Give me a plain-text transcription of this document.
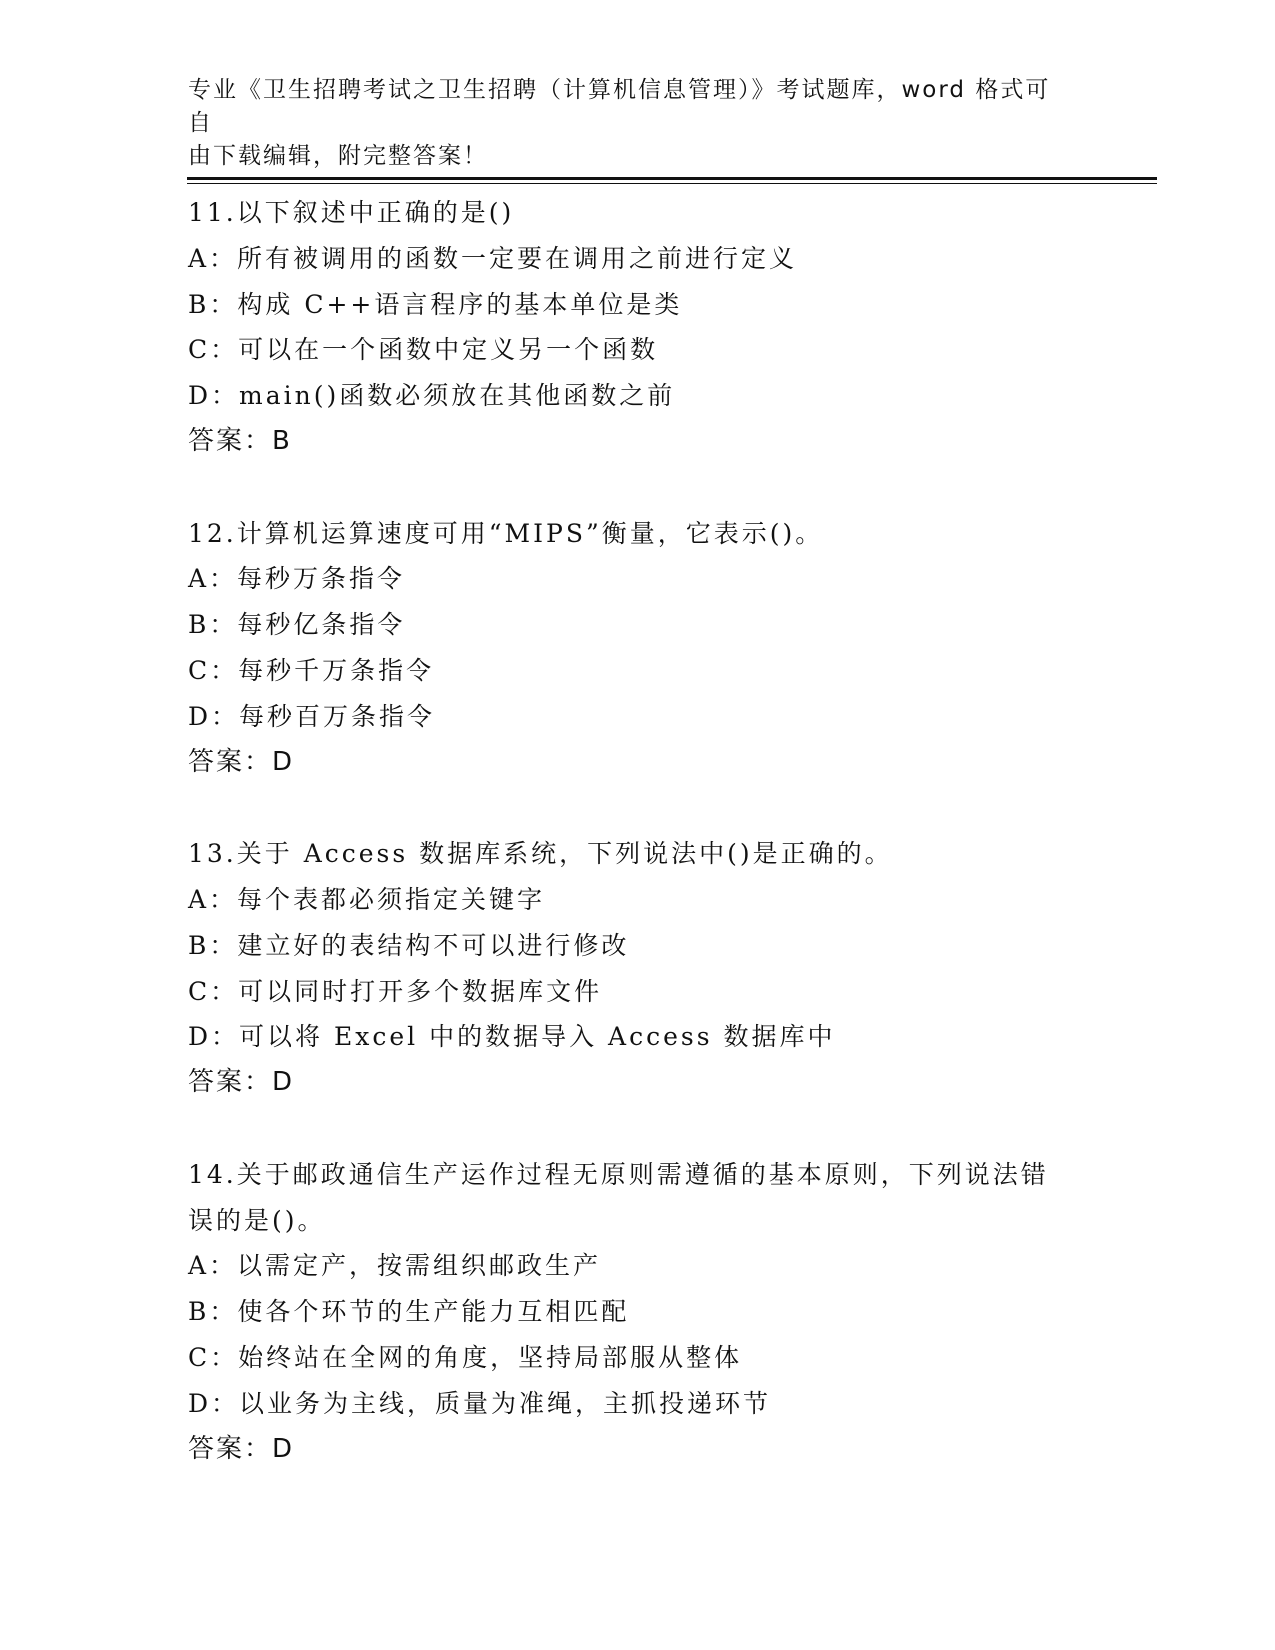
专业《卫生招聘考试之卫生招聘（计算机信息管理）》考试题库，word 格式可自
由下载编辑，附完整答案！
11.以下叙述中正确的是()
A：所有被调用的函数一定要在调用之前进行定义
B：构成 C++语言程序的基本单位是类
C：可以在一个函数中定义另一个函数
D：main()函数必须放在其他函数之前
答案：B
12.计算机运算速度可用“MIPS”衡量，它表示()。
A：每秒万条指令
B：每秒亿条指令
C：每秒千万条指令
D：每秒百万条指令
答案：D
13.关于 Access 数据库系统，下列说法中()是正确的。
A：每个表都必须指定关键字
B：建立好的表结构不可以进行修改
C：可以同时打开多个数据库文件
D：可以将 Excel 中的数据导入 Access 数据库中
答案：D
14.关于邮政通信生产运作过程无原则需遵循的基本原则，下列说法错
误的是()。
A：以需定产，按需组织邮政生产
B：使各个环节的生产能力互相匹配
C：始终站在全网的角度，坚持局部服从整体
D：以业务为主线，质量为准绳，主抓投递环节
答案：D
